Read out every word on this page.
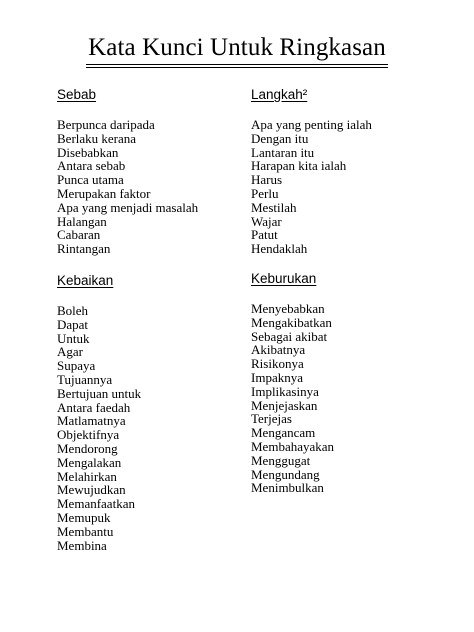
Kata Kunci Untuk Ringkasan
Sebab
Berpunca daripada
Berlaku kerana
Disebabkan
Antara sebab
Punca utama
Merupakan faktor
Apa yang menjadi masalah
Halangan
Cabaran
Rintangan
Langkah²
Apa yang penting ialah
Dengan itu
Lantaran itu
Harapan kita ialah
Harus
Perlu
Mestilah
Wajar
Patut
Hendaklah
Kebaikan
Boleh
Dapat
Untuk
Agar
Supaya
Tujuannya
Bertujuan untuk
Antara faedah
Matlamatnya
Objektifnya
Mendorong
Mengalakan
Melahirkan
Mewujudkan
Memanfaatkan
Memupuk
Membantu
Membina
Keburukan
Menyebabkan
Mengakibatkan
Sebagai akibat
Akibatnya
Risikonya
Impaknya
Implikasinya
Menjejaskan
Terjejas
Mengancam
Membahayakan
Menggugat
Mengundang
Menimbulkan
